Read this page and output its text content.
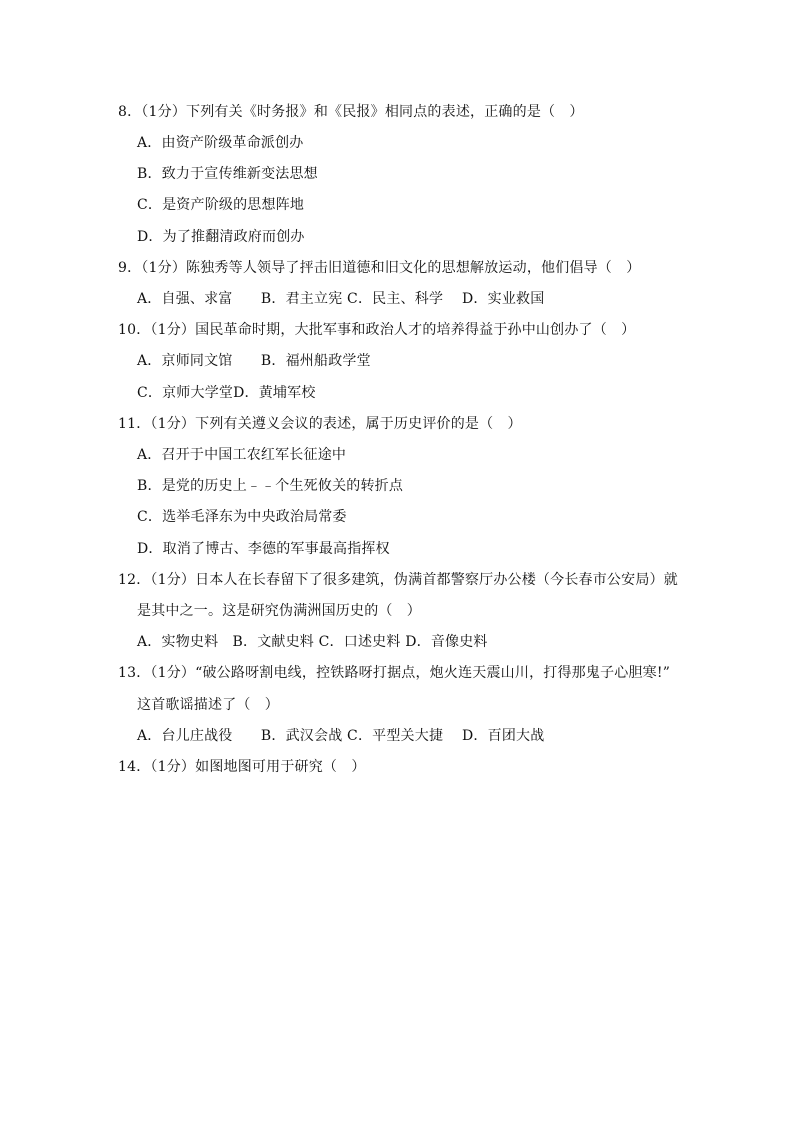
8．（1分）下列有关《时务报》和《民报》相同点的表述，正确的是（　）
A．由资产阶级革命派创办
B．致力于宣传维新变法思想
C．是资产阶级的思想阵地
D．为了推翻清政府而创办
9．（1分）陈独秀等人领导了抨击旧道德和旧文化的思想解放运动，他们倡导（　）
A．自强、求富　　B．君主立宪 C．民主、科学　 D．实业救国
10．（1分）国民革命时期，大批军事和政治人才的培养得益于孙中山创办了（　）
A．京师同文馆　　B．福州船政学堂
C．京师大学堂D．黄埔军校
11．（1分）下列有关遵义会议的表述，属于历史评价的是（　）
A．召开于中国工农红军长征途中
B．是党的历史上﹣﹣个生死攸关的转折点
C．选举毛泽东为中央政治局常委
D．取消了博古、李德的军事最高指挥权
12．（1分）日本人在长春留下了很多建筑，伪满首都警察厅办公楼（今长春市公安局）就
是其中之一。这是研究伪满洲国历史的（　）
A．实物史料　B．文献史料 C．口述史料 D．音像史料
13．（1分）“破公路呀割电线，控铁路呀打据点，炮火连天震山川，打得那鬼子心胆寒!”
这首歌谣描述了（　）
A．台儿庄战役　　B．武汉会战 C．平型关大捷　 D．百团大战
14．（1分）如图地图可用于研究（　）
